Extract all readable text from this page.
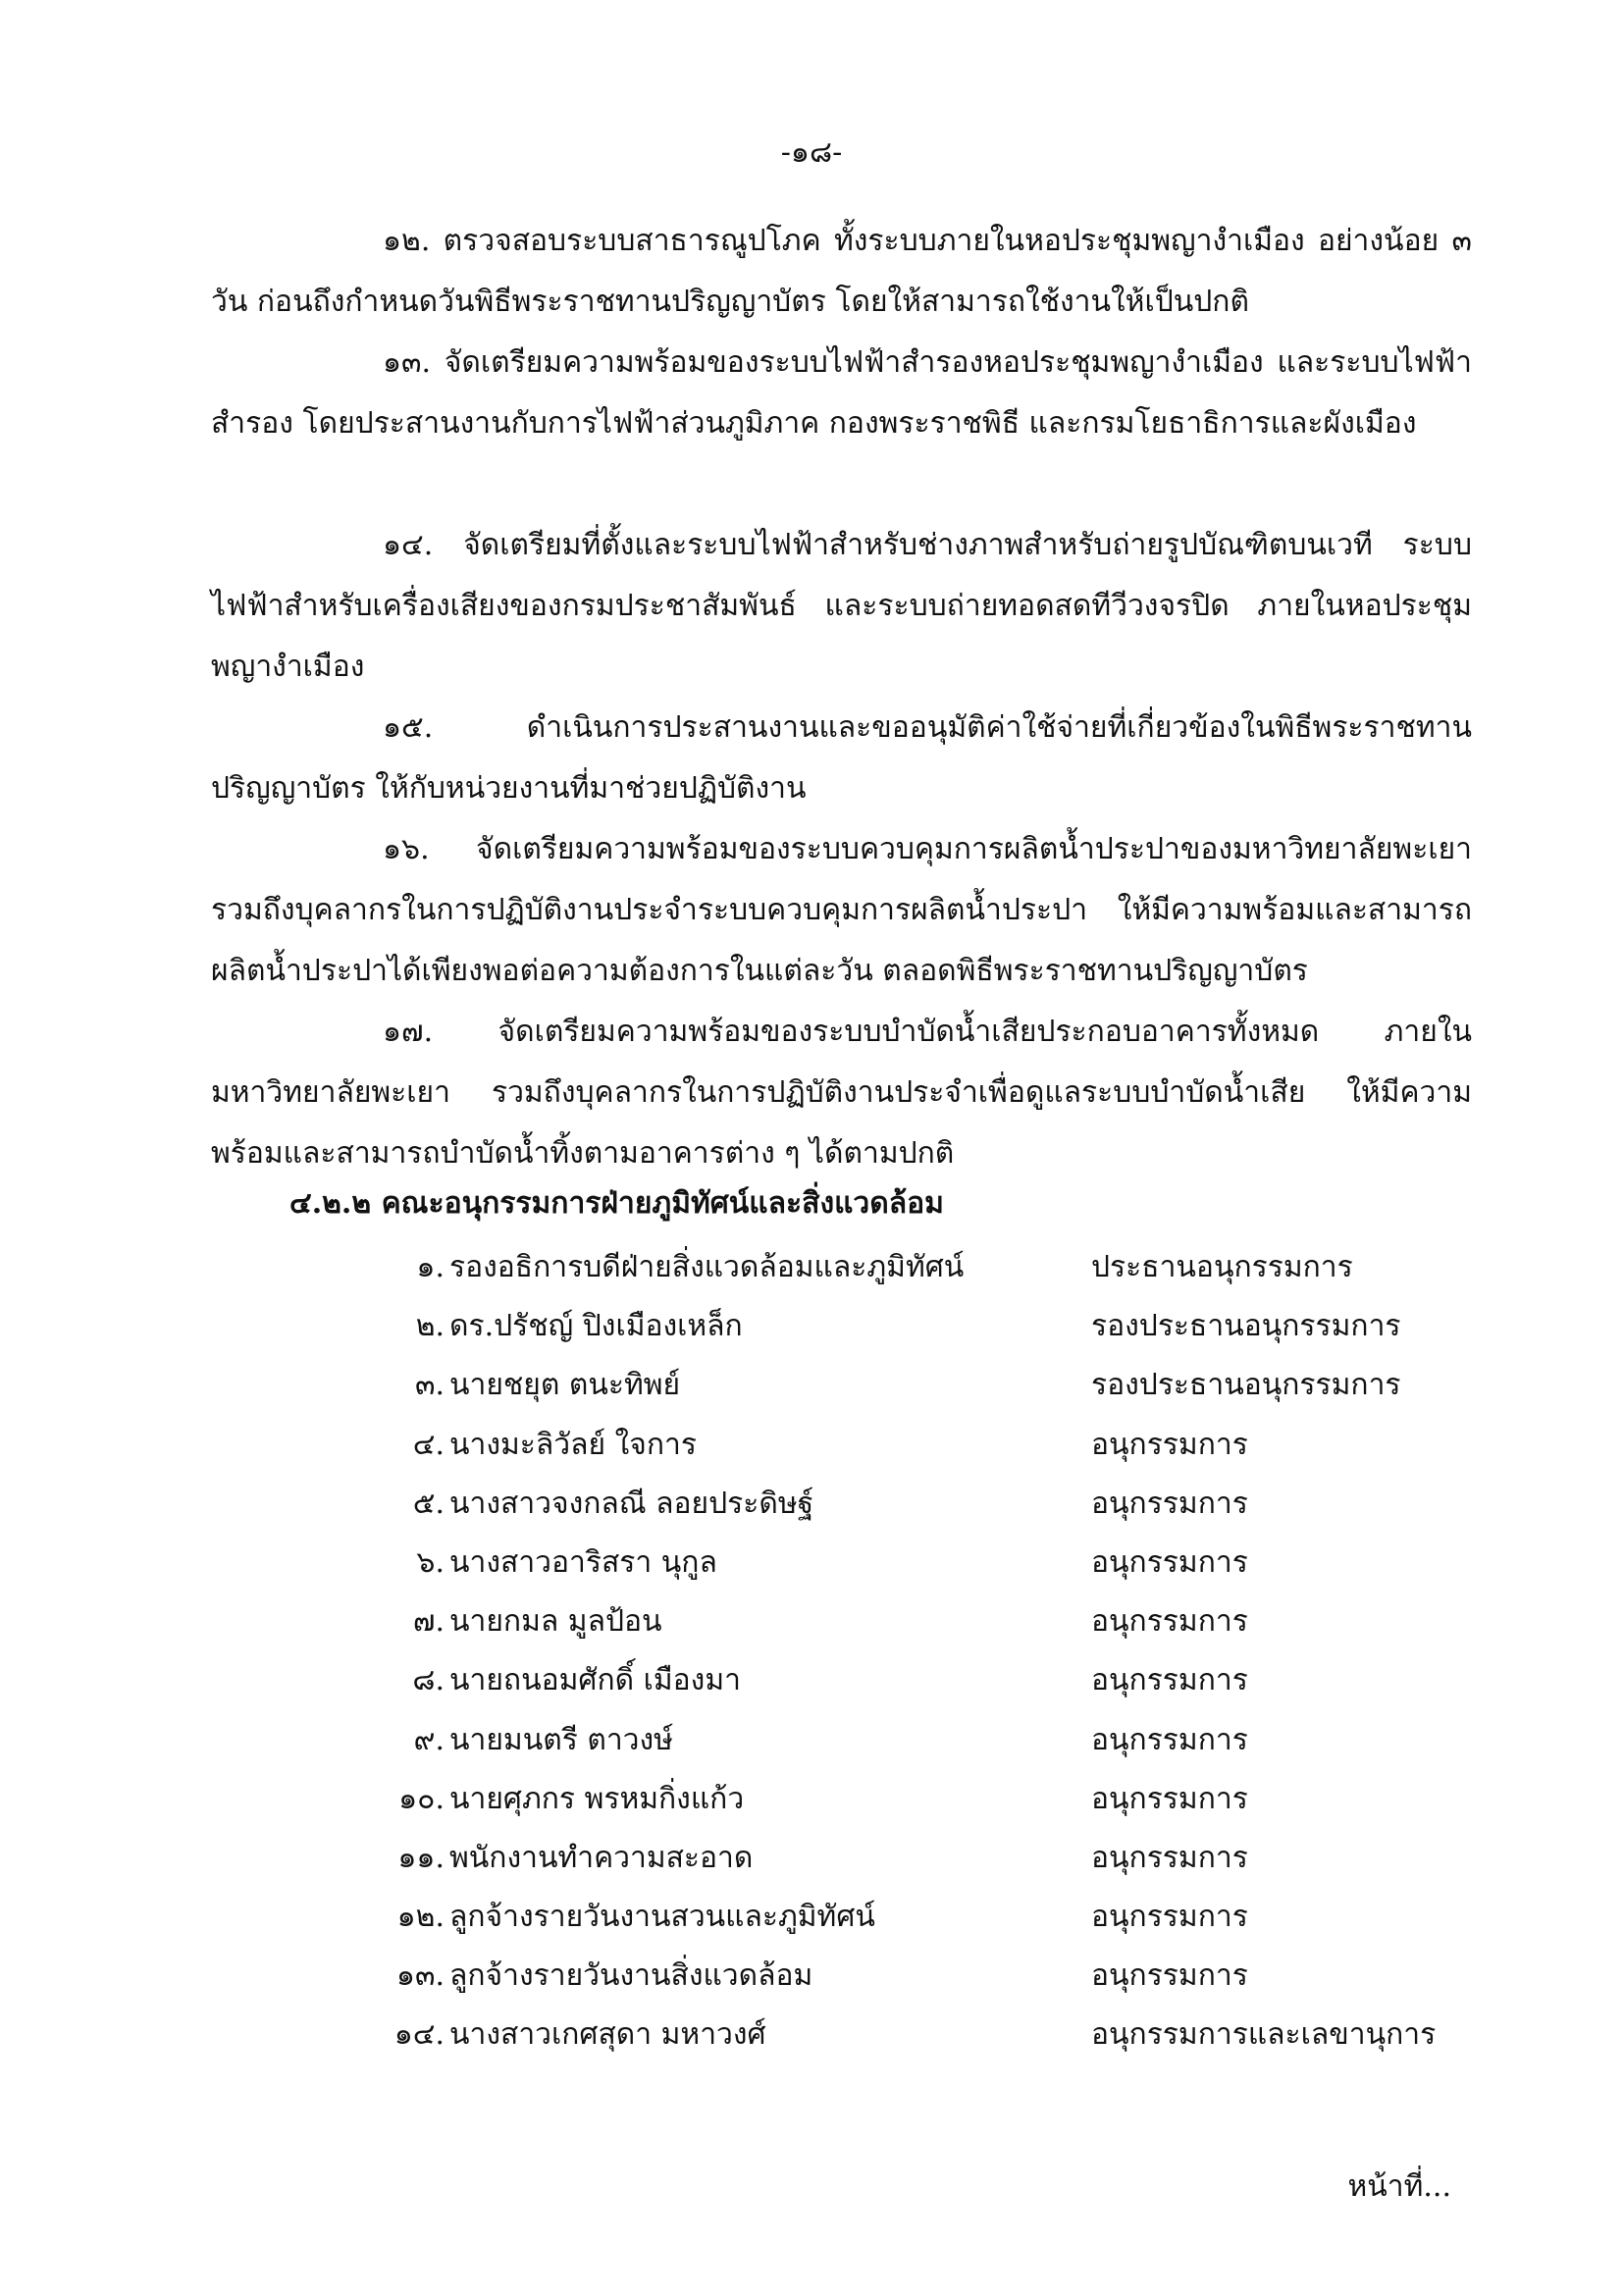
-๑๘-

๑๒. ตรวจสอบระบบสาธารณูปโภค ทั้งระบบภายในหอประชุมพญางำเมือง อย่างน้อย ๓ วัน ก่อนถึงกำหนดวันพิธีพระราชทานปริญญาบัตร โดยให้สามารถใช้งานให้เป็นปกติ

๑๓. จัดเตรียมความพร้อมของระบบไฟฟ้าสำรองหอประชุมพญางำเมือง และระบบไฟฟ้าสำรอง โดยประสานงานกับการไฟฟ้าส่วนภูมิภาค กองพระราชพิธี และกรมโยธาธิการและผังเมือง

๑๔. จัดเตรียมที่ตั้งและระบบไฟฟ้าสำหรับช่างภาพสำหรับถ่ายรูปบัณฑิตบนเวที ระบบไฟฟ้าสำหรับเครื่องเสียงของกรมประชาสัมพันธ์ และระบบถ่ายทอดสดทีวีวงจรปิด ภายในหอประชุมพญางำเมือง

๑๕. ดำเนินการประสานงานและขออนุมัติค่าใช้จ่ายที่เกี่ยวข้องในพิธีพระราชทานปริญญาบัตร ให้กับหน่วยงานที่มาช่วยปฏิบัติงาน

๑๖. จัดเตรียมความพร้อมของระบบควบคุมการผลิตน้ำประปาของมหาวิทยาลัยพะเยา รวมถึงบุคลากรในการปฏิบัติงานประจำระบบควบคุมการผลิตน้ำประปา ให้มีความพร้อมและสามารถผลิตน้ำประปาได้เพียงพอต่อความต้องการในแต่ละวัน ตลอดพิธีพระราชทานปริญญาบัตร

๑๗. จัดเตรียมความพร้อมของระบบบำบัดน้ำเสียประกอบอาคารทั้งหมด ภายในมหาวิทยาลัยพะเยา รวมถึงบุคลากรในการปฏิบัติงานประจำเพื่อดูแลระบบบำบัดน้ำเสีย ให้มีความพร้อมและสามารถบำบัดน้ำทิ้งตามอาคารต่าง ๆ ได้ตามปกติ

๔.๒.๒ คณะอนุกรรมการฝ่ายภูมิทัศน์และสิ่งแวดล้อม
๑. รองอธิการบดีฝ่ายสิ่งแวดล้อมและภูมิทัศน์	ประธานอนุกรรมการ
๒. ดร.ปรัชญ์ ปิงเมืองเหล็ก	รองประธานอนุกรรมการ
๓. นายชยุต ตนะทิพย์	รองประธานอนุกรรมการ
๔. นางมะลิวัลย์ ใจการ	อนุกรรมการ
๕. นางสาวจงกลณี ลอยประดิษฐ์	อนุกรรมการ
๖. นางสาวอาริสรา นุกูล	อนุกรรมการ
๗. นายกมล มูลป้อน	อนุกรรมการ
๘. นายถนอมศักดิ์ เมืองมา	อนุกรรมการ
๙. นายมนตรี ตาวงษ์	อนุกรรมการ
๑๐. นายศุภกร พรหมกิ่งแก้ว	อนุกรรมการ
๑๑. พนักงานทำความสะอาด	อนุกรรมการ
๑๒. ลูกจ้างรายวันงานสวนและภูมิทัศน์	อนุกรรมการ
๑๓. ลูกจ้างรายวันงานสิ่งแวดล้อม	อนุกรรมการ
๑๔. นางสาวเกศสุดา มหาวงศ์	อนุกรรมการและเลขานุการ
หน้าที่...
